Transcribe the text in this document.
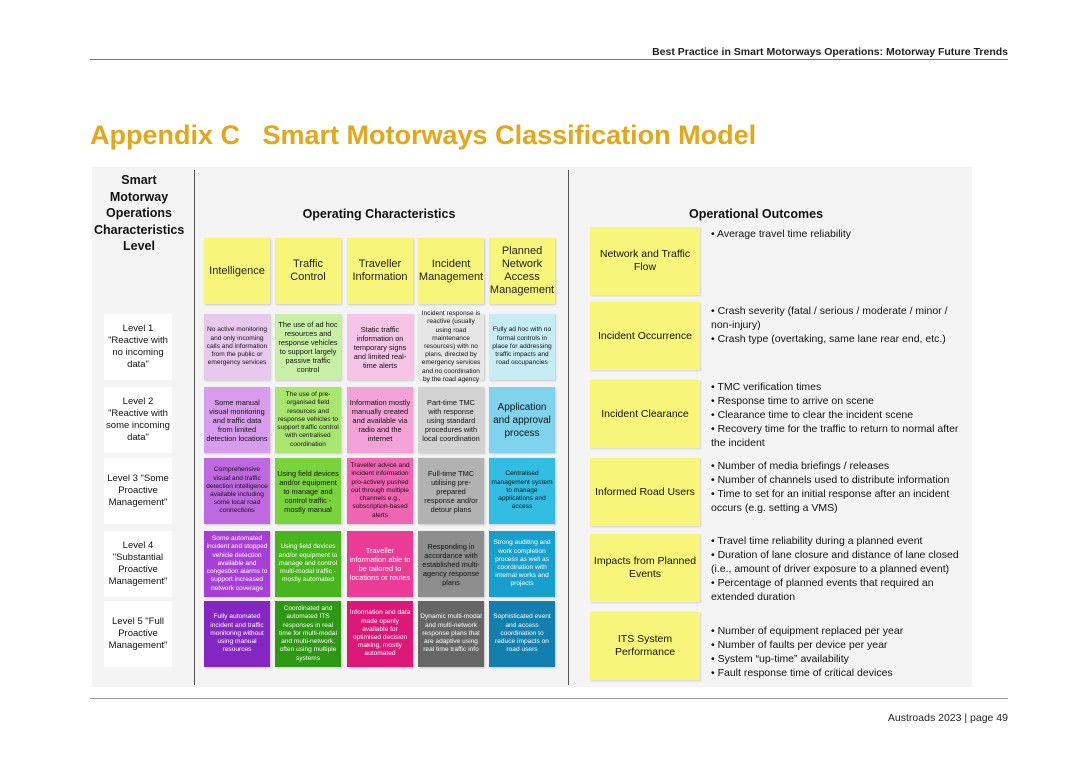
Best Practice in Smart Motorways Operations: Motorway Future Trends
Appendix C   Smart Motorways Classification Model
Smart Motorway Operations Characteristics Level
Operating Characteristics	Operational Outcomes
Intelligence
Traffic Control
Traveller Information
Incident Management
Planned Network Access Management
Level 1 "Reactive with no incoming data"
Level 2 "Reactive with some incoming data"
Level 3 "Some Proactive Management"
Level 4 "Substantial Proactive Management"
Level 5 "Full Proactive Management"
No active monitoring and only incoming calls and information from the public or emergency services
The use of ad hoc resources and response vehicles to support largely passive traffic control
Static traffic information on temporary signs and limited real-time alerts
Incident response is reactive (usually using road maintenance resources) with no plans, directed by emergency services and no coordination by the road agency
Fully ad hoc with no formal controls in place for addressing traffic impacts and road occupancies
Some manual visual monitoring and traffic data from limited detection locations
The use of pre-organised field resources and response vehicles to support traffic control with centralised coordination
Information mostly manually created and available via radio and the internet
Part-time TMC with response using standard procedures with local coordination
Application and approval process
Comprehensive visual and traffic detection intelligence available including some local road connections
Using field devices and/or equipment to manage and control traffic - mostly manual
Traveller advice and incident information pro-actively pushed out through multiple channels e.g., subscription-based alerts
Full-time TMC utilising pre-prepared response and/or detour plans
Centralised management system to manage applications and access
Some automated incident and stopped vehicle detection available and congestion alarms to support increased network coverage
Using field devices and/or equipment to manage and control multi-modal traffic - mostly automated
Traveller information able to be tailored to locations or routes
Responding in accordance with established multi-agency response plans
Strong auditing and work completion process as well as coordination with internal works and projects
Fully automated incident and traffic monitoring without using manual resources
Coordinated and automated ITS responses in real time for multi-modal and multi-network, often using multiple systems
Information and data made openly available for optimised decision making, mostly automated
Dynamic multi-modal and multi-network response plans that are adaptive using real time traffic info
Sophisticated event and access coordination to reduce impacts on road users
• Average travel time reliability
Network and Traffic Flow
Incident Occurrence
• Crash severity (fatal / serious / moderate / minor / non-injury)
• Crash type (overtaking, same lane rear end, etc.)
Incident Clearance
• TMC verification times
• Response time to arrive on scene
• Clearance time to clear the incident scene
• Recovery time for the traffic to return to normal after the incident
Informed Road Users
• Number of media briefings / releases
• Number of channels used to distribute information
• Time to set for an initial response after an incident occurs (e.g. setting a VMS)
Impacts from Planned Events
• Travel time reliability during a planned event
• Duration of lane closure and distance of lane closed (i.e., amount of driver exposure to a planned event)
• Percentage of planned events that required an extended duration
ITS System Performance
• Number of equipment replaced per year
• Number of faults per device per year
• System “up-time” availability
• Fault response time of critical devices
Austroads 2023 | page 49
